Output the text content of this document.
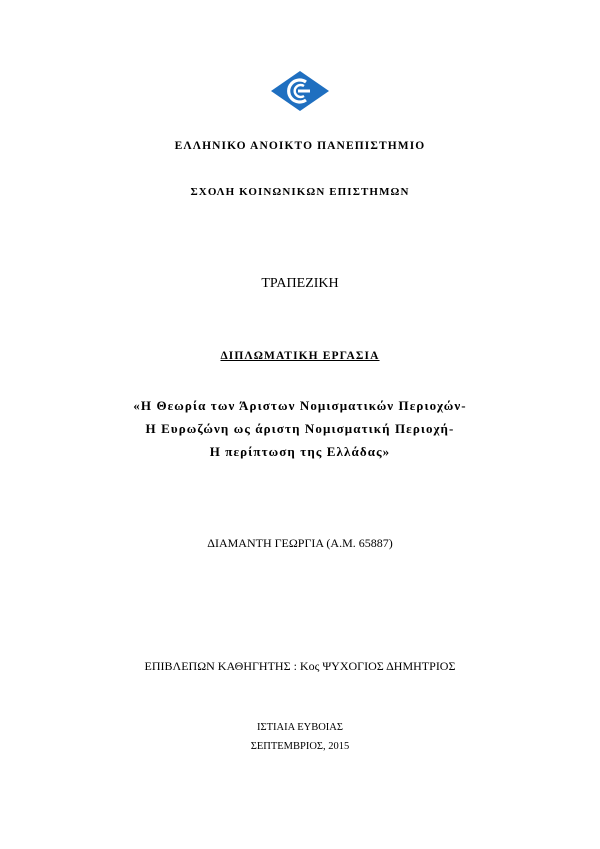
ΕΛΛΗΝΙΚΟ ΑΝΟΙΚΤΟ ΠΑΝΕΠΙΣΤΗΜΙΟ
ΣΧΟΛΗ ΚΟΙΝΩΝΙΚΩΝ ΕΠΙΣΤΗΜΩΝ
ΤΡΑΠΕΖΙΚΗ
ΔΙΠΛΩΜΑΤΙΚΗ ΕΡΓΑΣΙΑ
«Η Θεωρία των Άριστων Νομισματικών Περιοχών-
Η Ευρωζώνη ως άριστη Νομισματική Περιοχή-
Η περίπτωση της Ελλάδας»
ΔΙΑΜΑΝΤΗ ΓΕΩΡΓΙΑ (Α.Μ. 65887)
ΕΠΙΒΛΕΠΩΝ ΚΑΘΗΓΗΤΗΣ : Κος ΨΥΧΟΓΙΟΣ ΔΗΜΗΤΡΙΟΣ
ΙΣΤΙΑΙΑ ΕΥΒΟΙΑΣ
ΣΕΠΤΕΜΒΡΙΟΣ, 2015
